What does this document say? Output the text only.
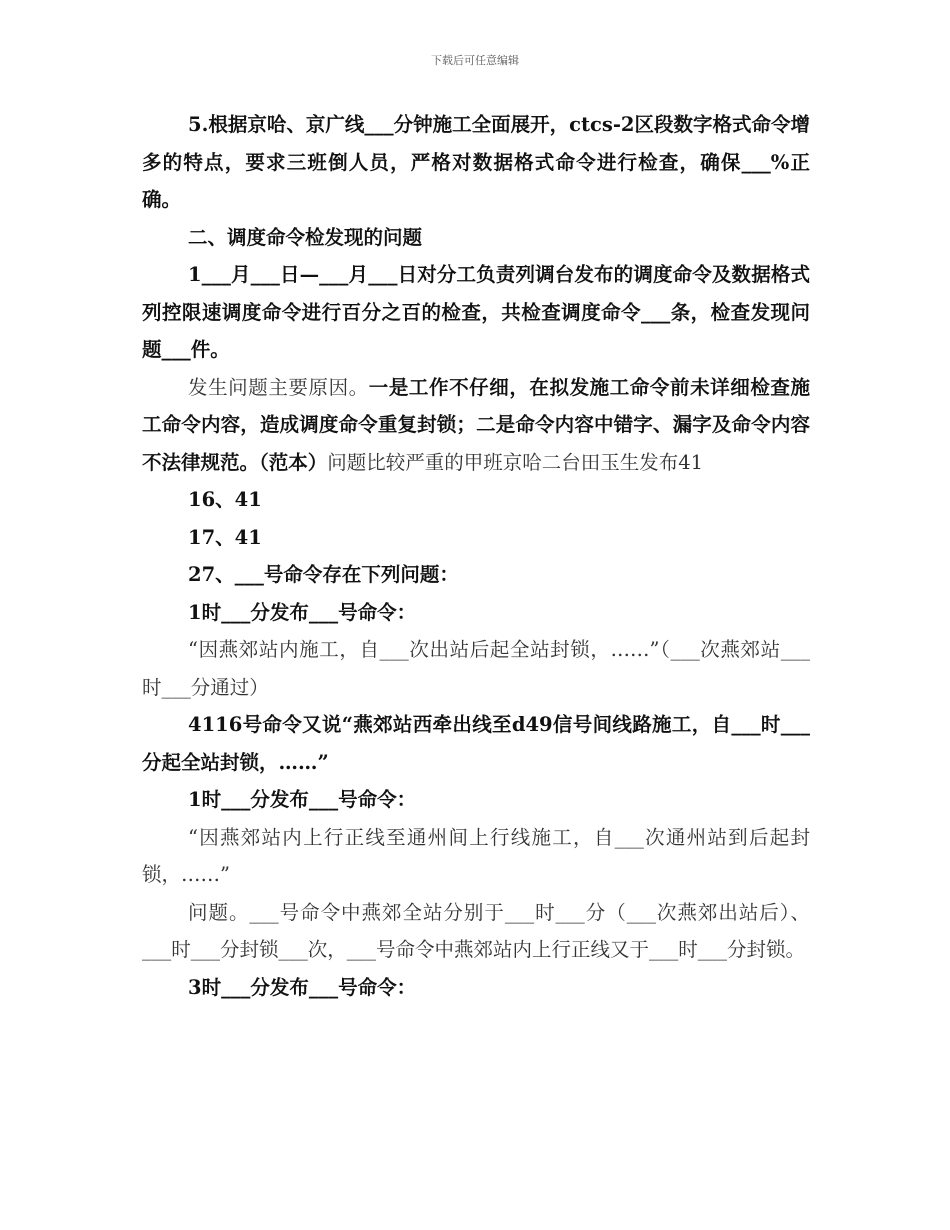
下载后可任意编辑

5.根据京哈、京广线___分钟施工全面展开，ctcs-2区段数字格式命令增多的特点，要求三班倒人员，严格对数据格式命令进行检查，确保___%正确。

二、调度命令检发现的问题

1___月___日—___月___日对分工负责列调台发布的调度命令及数据格式列控限速调度命令进行百分之百的检查，共检查调度命令___条，检查发现问题___件。

发生问题主要原因。一是工作不仔细，在拟发施工命令前未详细检查施工命令内容，造成调度命令重复封锁；二是命令内容中错字、漏字及命令内容不法律规范。（范本）问题比较严重的甲班京哈二台田玉生发布41

16、41

17、41

27、___号命令存在下列问题：

1时___分发布___号命令：

“因燕郊站内施工，自___次出站后起全站封锁，……”（___次燕郊站___时___分通过）

4116号命令又说“燕郊站西牵出线至d49信号间线路施工，自___时___分起全站封锁，……”

1时___分发布___号命令：

“因燕郊站内上行正线至通州间上行线施工，自___次通州站到后起封锁，……”

问题。___号命令中燕郊全站分别于___时___分（___次燕郊出站后）、___时___分封锁___次，___号命令中燕郊站内上行正线又于___时___分封锁。

3时___分发布___号命令：
